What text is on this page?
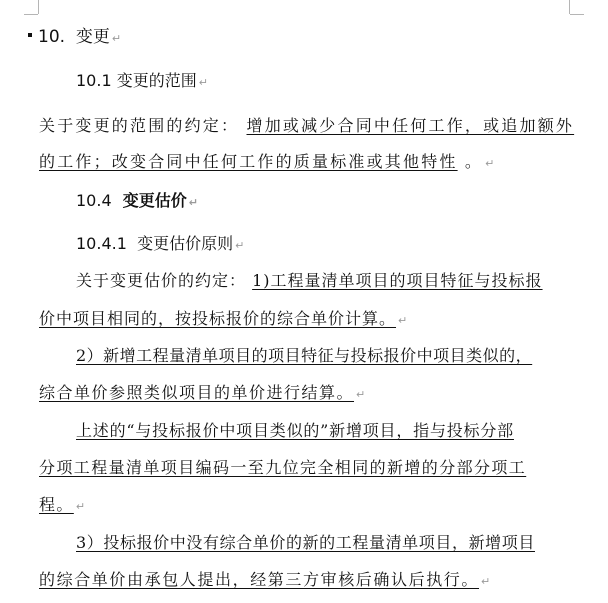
10. 变更 ↵
10.1 变更的范围 ↵
关于变更的范围的约定： 增加或减少合同中任何工作，或追加额外
的工作；改变合同中任何工作的质量标准或其他特性 。 ↵
10.4 变更估价 ↵
10.4.1 变更估价原则 ↵
关于变更估价的约定： 1)工程量清单项目的项目特征与投标报
价中项目相同的，按投标报价的综合单价计算。 ↵
2）新增工程量清单项目的项目特征与投标报价中项目类似的，
综合单价参照类似项目的单价进行结算。 ↵
上述的“与投标报价中项目类似的”新增项目，指与投标分部
分项工程量清单项目编码一至九位完全相同的新增的分部分项工
程。 ↵
3）投标报价中没有综合单价的新的工程量清单项目，新增项目
的综合单价由承包人提出，经第三方审核后确认后执行。 ↵
